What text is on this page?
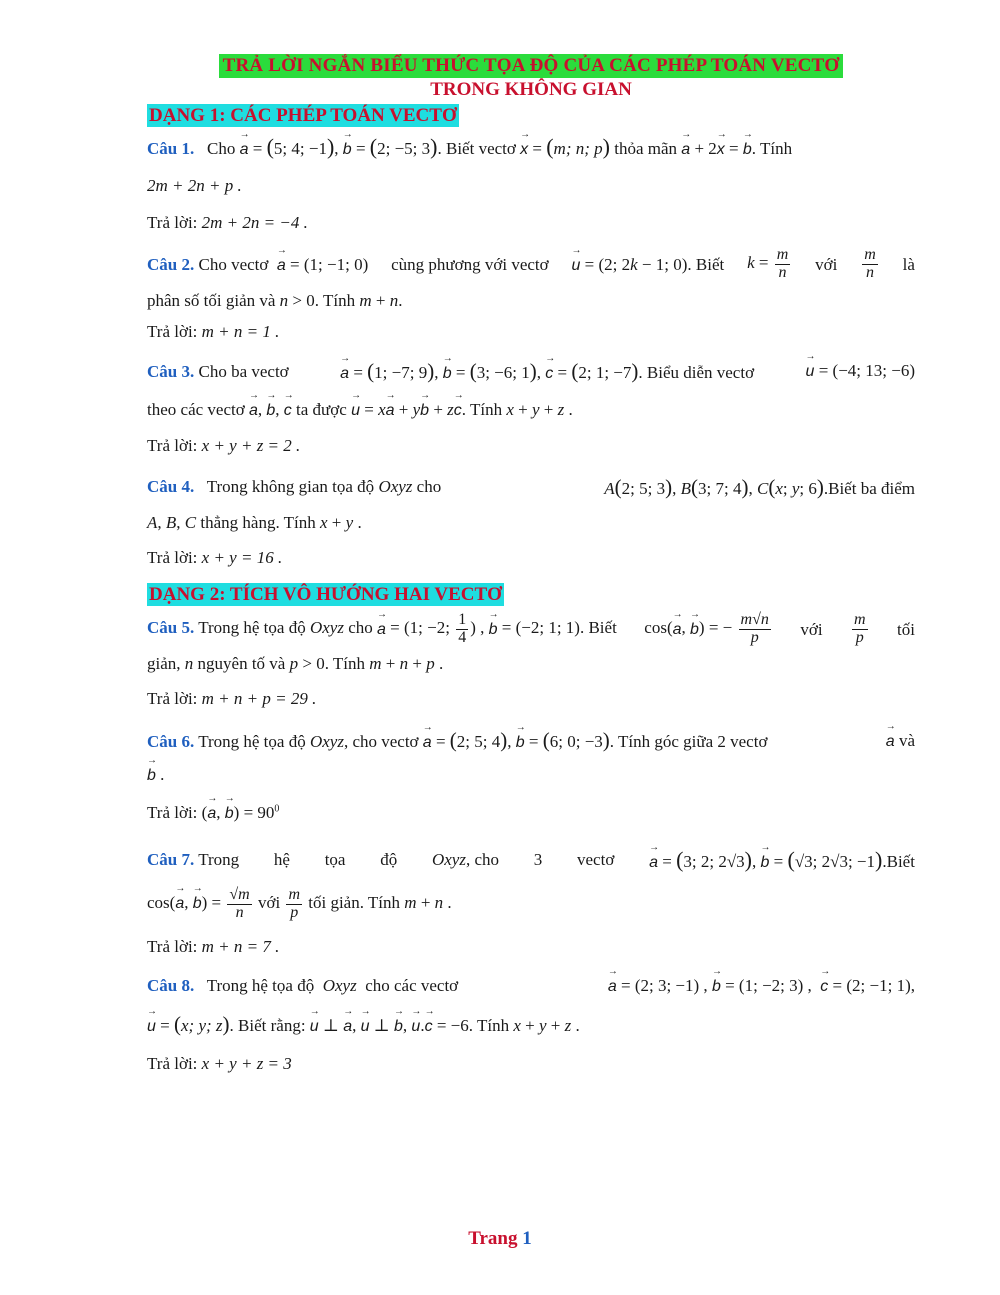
TRẢ LỜI NGẮN BIỂU THỨC TỌA ĐỘ CỦA CÁC PHÉP TOÁN VECTƠ
TRONG KHÔNG GIAN
DẠNG 1: CÁC PHÉP TOÁN VECTƠ
Câu 1. Cho → a = (5; 4; −1), → b = (2; −5; 3). Biết vectơ → x = (m; n; p) thỏa mãn → a + 2→ x = → b. Tính
2m + 2n + p .
Trả lời: 2m + 2n = −4 .
Câu 2. Cho vectơ → a = (1; −1; 0) cùng phương với vectơ → u = (2; 2k − 1; 0). Biết $k = \frac{m}{n}$ với $\frac{m}{n}$ là
phân số tối giản và n > 0. Tính m + n.
Trả lời: m + n = 1 .
Câu 3. Cho ba vectơ	→ a = (1; −7; 9), → b = (3; −6; 1), → c = (2; 1; −7). Biểu diễn vectơ	→ u = (−4; 13; −6)
theo các vectơ → a, → b, → c ta được → u = x→ a + y→ b + z→ c. Tính x + y + z .
Trả lời: x + y + z = 2 .
Câu 4. Trong không gian tọa độ Oxyz cho	A(2; 5; 3), B(3; 7; 4), C(x; y; 6).Biết ba điểm
A, B, C thẳng hàng. Tính x + y .
Trả lời: x + y = 16 .
DẠNG 2: TÍCH VÔ HƯỚNG HAI VECTƠ
Câu 5. Trong hệ tọa độ Oxyz cho → a = (1; −2; $\frac{1}{4}$ ) , → b = (−2; 1; 1). Biết cos(→ a, → b) = − $\frac{m√n}{p}$ với $\frac{m}{p}$ tối
giản, n nguyên tố và p > 0. Tính m + n + p .
Trả lời: m + n + p = 29 .
Câu 6. Trong hệ tọa độ Oxyz, cho vectơ → a = (2; 5; 4), → b = (6; 0; −3). Tính góc giữa 2 vectơ	→ a và
→ b .
Trả lời: (→ a, → $b) = 90^0$
Câu 7. Trong hệ tọa độ Oxyz, cho 3 vectơ → a = (3; 2; 2√3), → b = (√3; 2√3; −1).Biết
cos(→ a, → $b) = \frac{√m}{n}$ với $\frac{m}{p}$ tối giản. Tính m + n .
Trả lời: m + n = 7 .
Câu 8. Trong hệ tọa độ Oxyz cho các vectơ	→ a = (2; 3; −1) , → b = (1; −2; 3) ,  → c = (2; −1; 1),
→ u = (x; y; z). Biết rằng: → u ⊥ → a, → u ⊥ → b, → u.→ c = −6. Tính x + y + z .
Trả lời: x + y + z = 3
Trang 1
